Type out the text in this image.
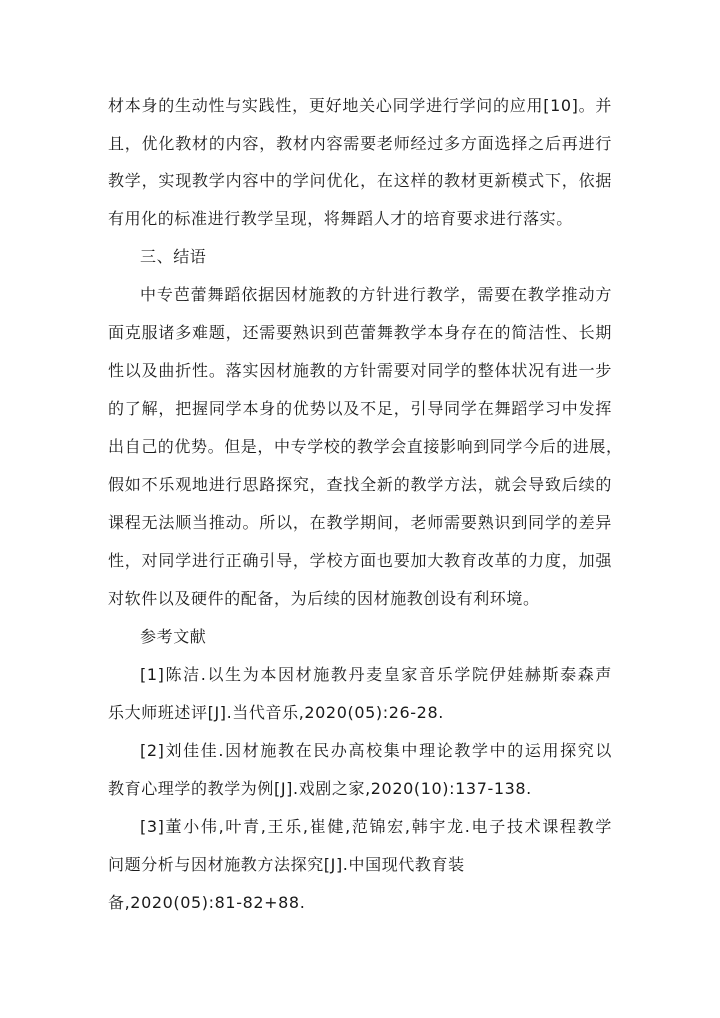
材本身的生动性与实践性，更好地关心同学进行学问的应用[10]。并
且，优化教材的内容，教材内容需要老师经过多方面选择之后再进行
教学，实现教学内容中的学问优化，在这样的教材更新模式下，依据
有用化的标准进行教学呈现，将舞蹈人才的培育要求进行落实。
三、结语
中专芭蕾舞蹈依据因材施教的方针进行教学，需要在教学推动方
面克服诸多难题，还需要熟识到芭蕾舞教学本身存在的简洁性、长期
性以及曲折性。落实因材施教的方针需要对同学的整体状况有进一步
的了解，把握同学本身的优势以及不足，引导同学在舞蹈学习中发挥
出自己的优势。但是，中专学校的教学会直接影响到同学今后的进展，
假如不乐观地进行思路探究，查找全新的教学方法，就会导致后续的
课程无法顺当推动。所以，在教学期间，老师需要熟识到同学的差异
性，对同学进行正确引导，学校方面也要加大教育改革的力度，加强
对软件以及硬件的配备，为后续的因材施教创设有利环境。
参考文献
[1]陈洁.以生为本因材施教丹麦皇家音乐学院伊娃赫斯泰森声
乐大师班述评[J].当代音乐,2020(05):26-28.
[2]刘佳佳.因材施教在民办高校集中理论教学中的运用探究以
教育心理学的教学为例[J].戏剧之家,2020(10):137-138.
[3]董小伟,叶青,王乐,崔健,范锦宏,韩宇龙.电子技术课程教学
问题分析与因材施教方法探究[J].中国现代教育装
备,2020(05):81-82+88.
